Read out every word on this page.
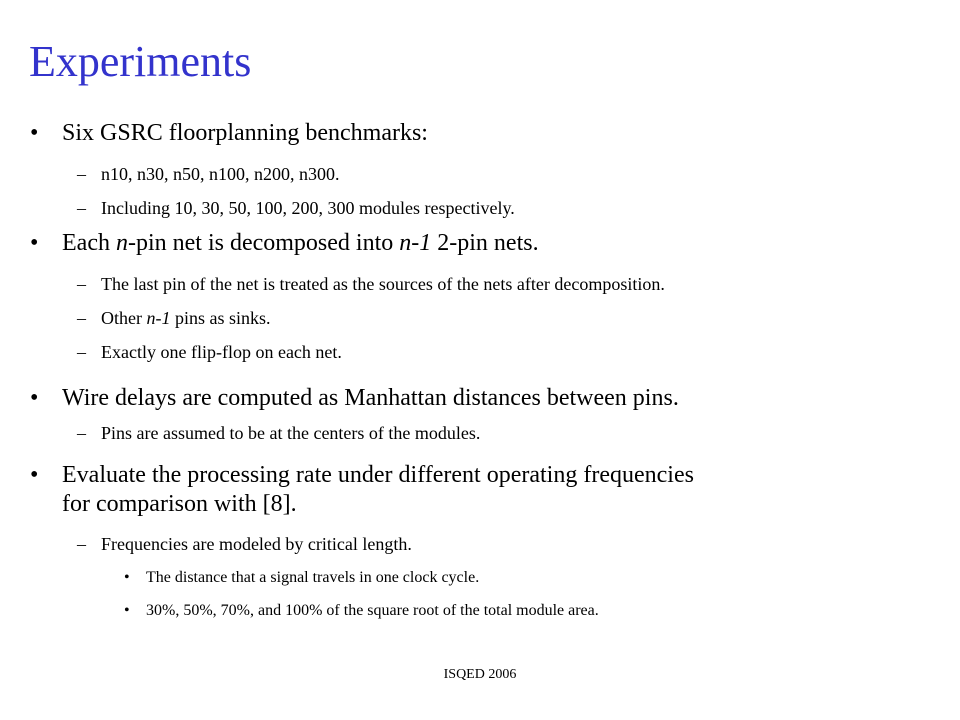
Experiments
• Six GSRC floorplanning benchmarks:
– n10, n30, n50, n100, n200, n300.
– Including 10, 30, 50, 100, 200, 300 modules respectively.
• Each n-pin net is decomposed into n-1 2-pin nets.
– The last pin of the net is treated as the sources of the nets after decomposition.
– Other n-1 pins as sinks.
– Exactly one flip-flop on each net.
• Wire delays are computed as Manhattan distances between pins.
– Pins are assumed to be at the centers of the modules.
• Evaluate the processing rate under different operating frequencies
for comparison with [8].
– Frequencies are modeled by critical length.
• The distance that a signal travels in one clock cycle.
• 30%, 50%, 70%, and 100% of the square root of the total module area.
ISQED 2006
